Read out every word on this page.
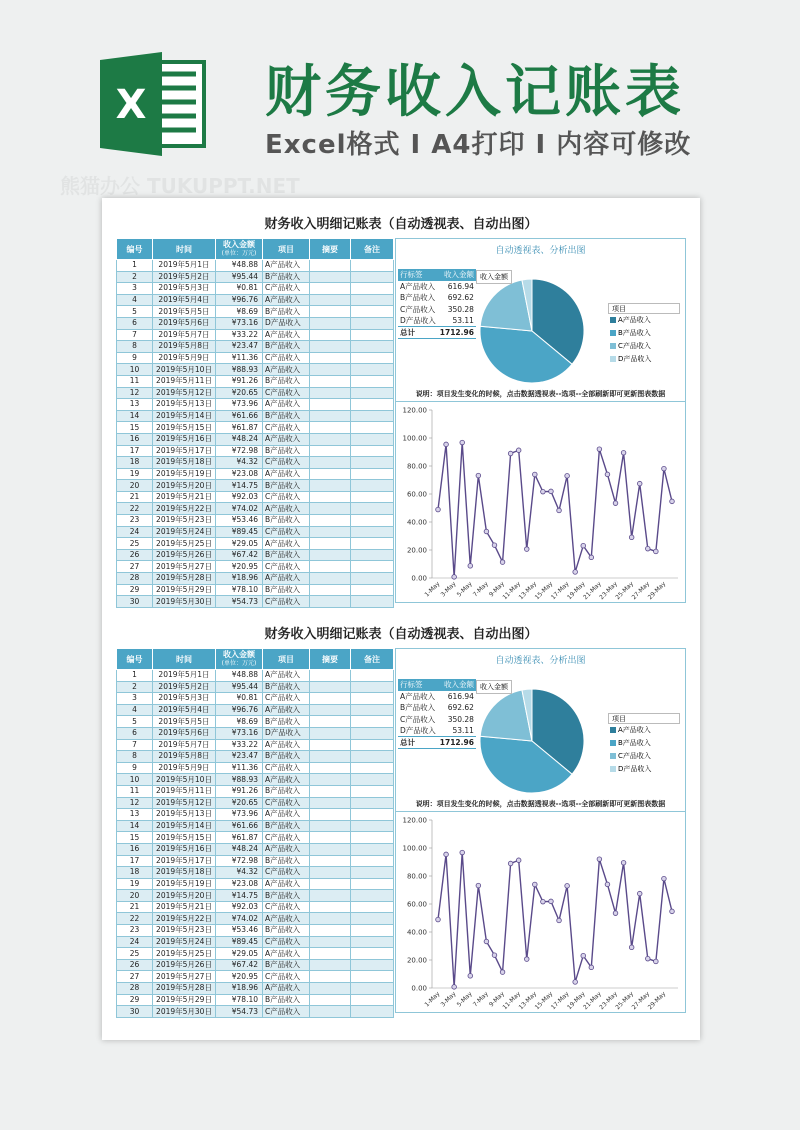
X 财务收入记账表
Excel格式 I A4打印 I 内容可修改
熊猫办公 TUKUPPT.NET
财务收入明细记账表（自动透视表、自动出图）
编号	时间	收入金额
(单位：万元)	项目	摘要	备注
1	2019年5月1日	¥48.88	A产品收入		
2	2019年5月2日	¥95.44	B产品收入		
3	2019年5月3日	¥0.81	C产品收入		
4	2019年5月4日	¥96.76	A产品收入		
5	2019年5月5日	¥8.69	B产品收入		
6	2019年5月6日	¥73.16	D产品收入		
7	2019年5月7日	¥33.22	A产品收入		
8	2019年5月8日	¥23.47	B产品收入		
9	2019年5月9日	¥11.36	C产品收入		
10	2019年5月10日	¥88.93	A产品收入		
11	2019年5月11日	¥91.26	B产品收入		
12	2019年5月12日	¥20.65	C产品收入		
13	2019年5月13日	¥73.96	A产品收入		
14	2019年5月14日	¥61.66	B产品收入		
15	2019年5月15日	¥61.87	C产品收入		
16	2019年5月16日	¥48.24	A产品收入		
17	2019年5月17日	¥72.98	B产品收入		
18	2019年5月18日	¥4.32	C产品收入		
19	2019年5月19日	¥23.08	A产品收入		
20	2019年5月20日	¥14.75	B产品收入		
21	2019年5月21日	¥92.03	C产品收入		
22	2019年5月22日	¥74.02	A产品收入		
23	2019年5月23日	¥53.46	B产品收入		
24	2019年5月24日	¥89.45	C产品收入		
25	2019年5月25日	¥29.05	A产品收入		
26	2019年5月26日	¥67.42	B产品收入		
27	2019年5月27日	¥20.95	C产品收入		
28	2019年5月28日	¥18.96	A产品收入		
29	2019年5月29日	¥78.10	B产品收入		
30	2019年5月30日	¥54.73	C产品收入		
自动透视表、分析出图
行标签	收入金额
A产品收入	616.94
B产品收入	692.62
C产品收入	350.28
D产品收入	53.11
总计	1712.96
收入金额
项目
A产品收入
B产品收入
C产品收入
D产品收入
说明：项目发生变化的时候，点击数据透视表--选项--全部刷新即可更新图表数据
0.00
20.00
40.00
60.00
80.00
100.00
120.00
1-May
3-May
5-May
7-May
9-May
11-May
13-May
15-May
17-May
19-May
21-May
23-May
25-May
27-May
29-May
财务收入明细记账表（自动透视表、自动出图）
编号	时间	收入金额
(单位：万元)	项目	摘要	备注
1	2019年5月1日	¥48.88	A产品收入		
2	2019年5月2日	¥95.44	B产品收入		
3	2019年5月3日	¥0.81	C产品收入		
4	2019年5月4日	¥96.76	A产品收入		
5	2019年5月5日	¥8.69	B产品收入		
6	2019年5月6日	¥73.16	D产品收入		
7	2019年5月7日	¥33.22	A产品收入		
8	2019年5月8日	¥23.47	B产品收入		
9	2019年5月9日	¥11.36	C产品收入		
10	2019年5月10日	¥88.93	A产品收入		
11	2019年5月11日	¥91.26	B产品收入		
12	2019年5月12日	¥20.65	C产品收入		
13	2019年5月13日	¥73.96	A产品收入		
14	2019年5月14日	¥61.66	B产品收入		
15	2019年5月15日	¥61.87	C产品收入		
16	2019年5月16日	¥48.24	A产品收入		
17	2019年5月17日	¥72.98	B产品收入		
18	2019年5月18日	¥4.32	C产品收入		
19	2019年5月19日	¥23.08	A产品收入		
20	2019年5月20日	¥14.75	B产品收入		
21	2019年5月21日	¥92.03	C产品收入		
22	2019年5月22日	¥74.02	A产品收入		
23	2019年5月23日	¥53.46	B产品收入		
24	2019年5月24日	¥89.45	C产品收入		
25	2019年5月25日	¥29.05	A产品收入		
26	2019年5月26日	¥67.42	B产品收入		
27	2019年5月27日	¥20.95	C产品收入		
28	2019年5月28日	¥18.96	A产品收入		
29	2019年5月29日	¥78.10	B产品收入		
30	2019年5月30日	¥54.73	C产品收入		
自动透视表、分析出图
行标签	收入金额
A产品收入	616.94
B产品收入	692.62
C产品收入	350.28
D产品收入	53.11
总计	1712.96
收入金额
项目
A产品收入
B产品收入
C产品收入
D产品收入
说明：项目发生变化的时候，点击数据透视表--选项--全部刷新即可更新图表数据
0.00
20.00
40.00
60.00
80.00
100.00
120.00
1-May
3-May
5-May
7-May
9-May
11-May
13-May
15-May
17-May
19-May
21-May
23-May
25-May
27-May
29-May
